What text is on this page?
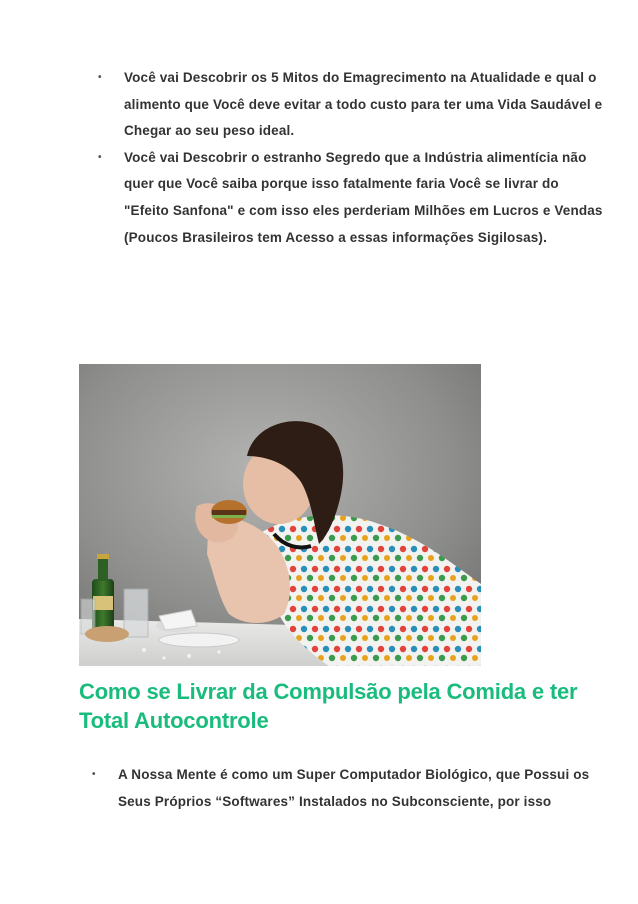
• Você vai Descobrir os 5 Mitos do Emagrecimento na Atualidade e qual o alimento que Você deve evitar a todo custo para ter uma Vida Saudável e Chegar ao seu peso ideal.
• Você vai Descobrir o estranho Segredo que a Indústria alimentícia não quer que Você saiba porque isso fatalmente faria Você se livrar do "Efeito Sanfona" e com isso eles perderiam Milhões em Lucros e Vendas (Poucos Brasileiros tem Acesso a essas informações Sigilosas).
Como se Livrar da Compulsão pela Comida e ter Total Autocontrole
• A Nossa Mente é como um Super Computador Biológico, que Possui os Seus Próprios “Softwares” Instalados no Subconsciente, por isso
